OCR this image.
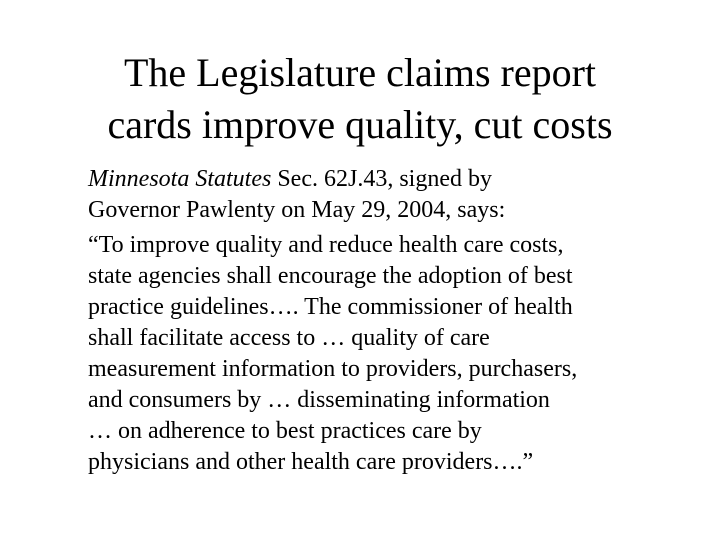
The Legislature claims report
cards improve quality, cut costs

Minnesota Statutes Sec. 62J.43, signed by
Governor Pawlenty on May 29, 2004, says:

“To improve quality and reduce health care costs,
state agencies shall encourage the adoption of best
practice guidelines…. The commissioner of health
shall facilitate access to … quality of care
measurement information to providers, purchasers,
and consumers by … disseminating information
… on adherence to best practices care by
physicians and other health care providers….”
